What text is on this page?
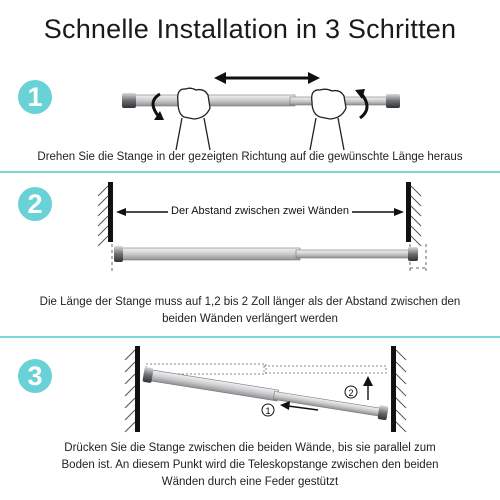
Schnelle Installation in 3 Schritten
1
Drehen Sie die Stange in der gezeigten Richtung auf die gewünschte Länge heraus
2	Der Abstand zwischen zwei Wänden
Die Länge der Stange muss auf 1,2 bis 2 Zoll länger als der Abstand zwischen den beiden Wänden verlängert werden
3
1
2
Drücken Sie die Stange zwischen die beiden Wände, bis sie parallel zum Boden ist. An diesem Punkt wird die Teleskopstange zwischen den beiden Wänden durch eine Feder gestützt
